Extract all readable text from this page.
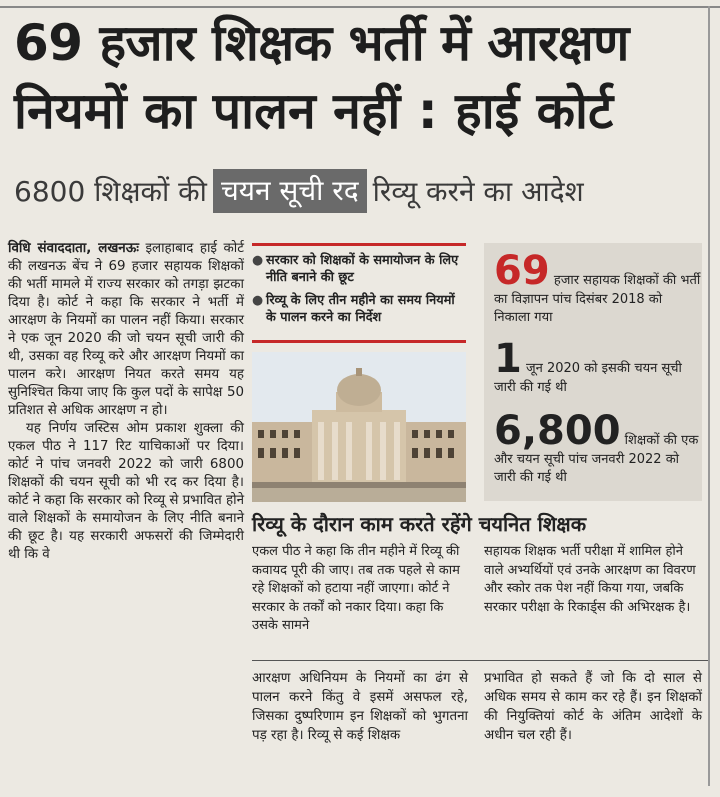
69 हजार शिक्षक भर्ती में आरक्षण
नियमों का पालन नहीं : हाई कोर्ट
6800 शिक्षकों की चयन सूची रद रिव्यू करने का आदेश

विधि संवाददाता, लखनऊः इलाहाबाद हाई कोर्ट की लखनऊ बेंच ने 69 हजार सहायक शिक्षकों की भर्ती मामले में राज्य सरकार को तगड़ा झटका दिया है। कोर्ट ने कहा कि सरकार ने भर्ती में आरक्षण के नियमों का पालन नहीं किया। सरकार ने एक जून 2020 की जो चयन सूची जारी की थी, उसका वह रिव्यू करे और आरक्षण नियमों का पालन करे। आरक्षण नियत करते समय यह सुनिश्चित किया जाए कि कुल पदों के सापेक्ष 50 प्रतिशत से अधिक आरक्षण न हो।

यह निर्णय जस्टिस ओम प्रकाश शुक्ला की एकल पीठ ने 117 रिट याचिकाओं पर दिया। कोर्ट ने पांच जनवरी 2022 को जारी 6800 शिक्षकों की चयन सूची को भी रद कर दिया है। कोर्ट ने कहा कि सरकार को रिव्यू से प्रभावित होने वाले शिक्षकों के समायोजन के लिए नीति बनाने की छूट है। यह सरकारी अफसरों की जिम्मेदारी थी कि वे

● सरकार को शिक्षकों के समायोजन के लिए नीति बनाने की छूट
● रिव्यू के लिए तीन महीने का समय नियमों के पालन करने का निर्देश
69 हजार सहायक शिक्षकों की भर्ती का विज्ञापन पांच दिसंबर 2018 को निकाला गया
1 जून 2020 को इसकी चयन सूची जारी की गई थी
6,800 शिक्षकों की एक और चयन सूची पांच जनवरी 2022 को जारी की गई थी
रिव्यू के दौरान काम करते रहेंगे चयनित शिक्षक
एकल पीठ ने कहा कि तीन महीने में रिव्यू की कवायद पूरी की जाए। तब तक पहले से काम रहे शिक्षकों को हटाया नहीं जाएगा। कोर्ट ने सरकार के तर्कों को नकार दिया। कहा कि उसके सामने
सहायक शिक्षक भर्ती परीक्षा में शामिल होने वाले अभ्यर्थियों एवं उनके आरक्षण का विवरण और स्कोर तक पेश नहीं किया गया, जबकि सरकार परीक्षा के रिकार्ड्स की अभिरक्षक है।
आरक्षण अधिनियम के नियमों का ढंग से पालन करने किंतु वे इसमें असफल रहे, जिसका दुष्परिणाम इन शिक्षकों को भुगतना पड़ रहा है। रिव्यू से कई शिक्षक
प्रभावित हो सकते हैं जो कि दो साल से अधिक समय से काम कर रहे हैं। इन शिक्षकों की नियुक्तियां कोर्ट के अंतिम आदेशों के अधीन चल रही हैं।
